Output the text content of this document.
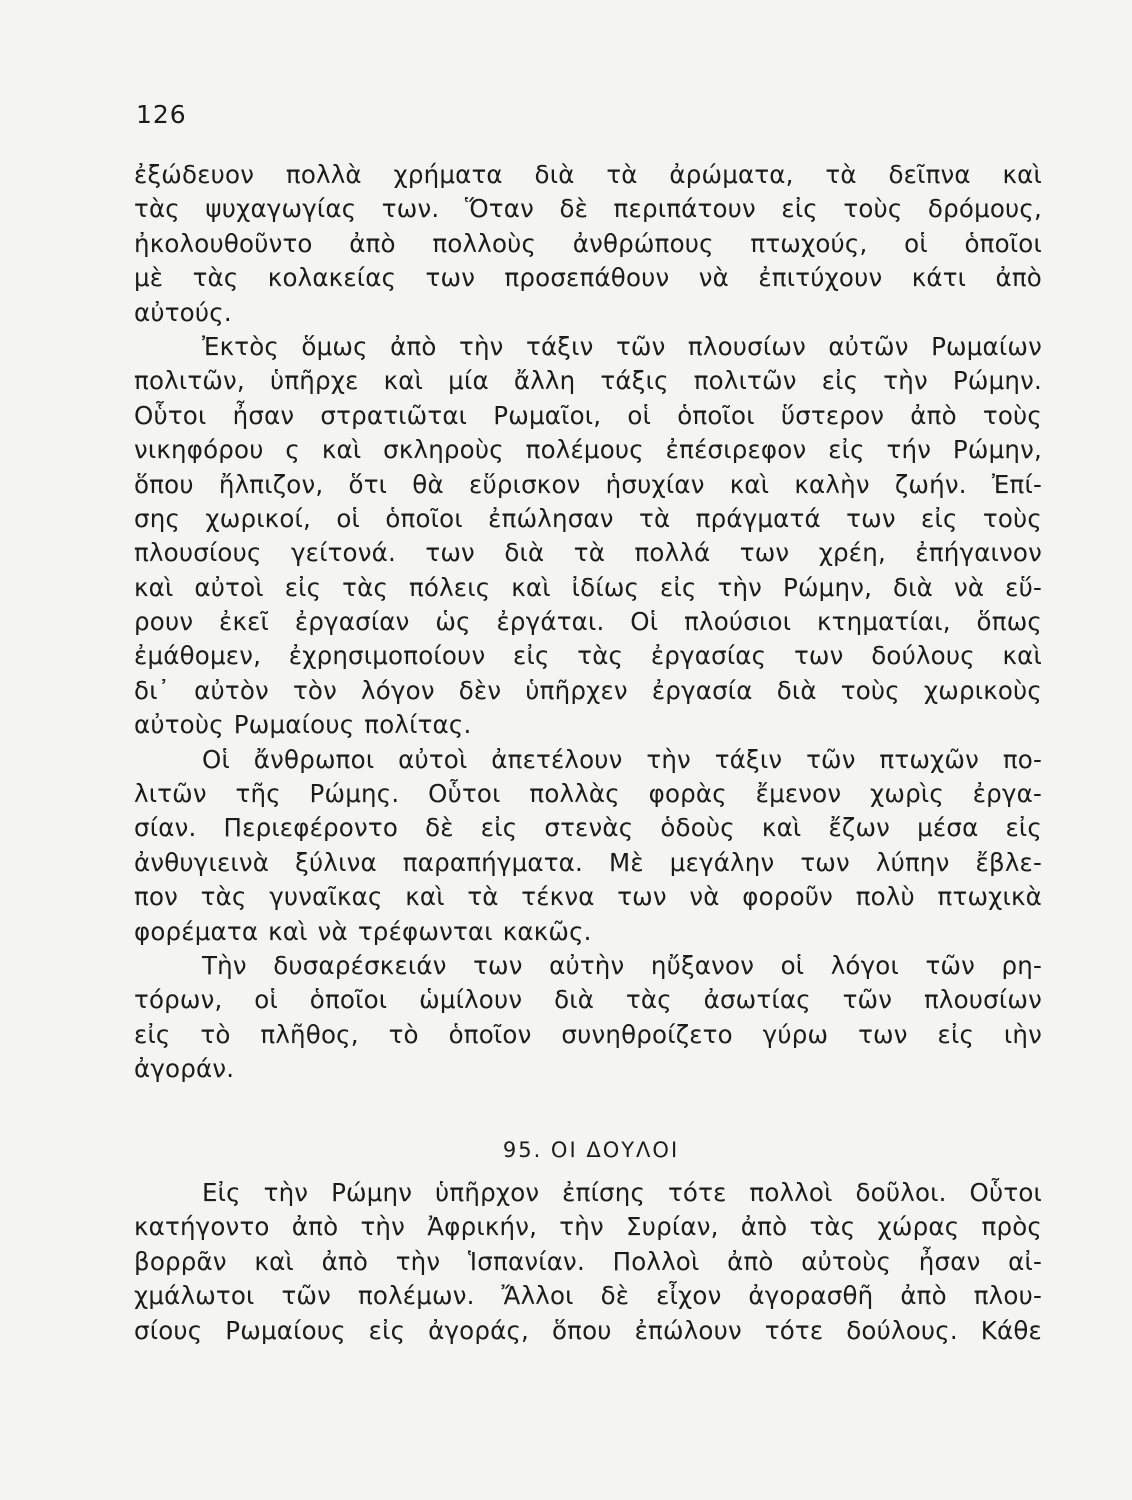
126
ἐξώδευον πολλὰ χρήματα διὰ τὰ ἀρώματα, τὰ δεῖπνα καὶ
τὰς ψυχαγωγίας των. Ὅταν δὲ περιπάτουν εἰς τοὺς δρόμους,
ἠκολουθοῦντο ἀπὸ πολλοὺς ἀνθρώπους πτωχούς, οἱ ὁποῖοι
μὲ τὰς κολακείας των προσεπάθουν νὰ ἐπιτύχουν κάτι ἀπὸ
αὐτούς.
Ἐκτὸς ὅμως ἀπὸ τὴν τάξιν τῶν πλουσίων αὐτῶν Ρωμαίων
πολιτῶν, ὑπῆρχε καὶ μία ἄλλη τάξις πολιτῶν εἰς τὴν Ρώμην.
Οὗτοι ἦσαν στρατιῶται Ρωμαῖοι, οἱ ὁποῖοι ὕστερον ἀπὸ τοὺς
νικηφόρου ς καὶ σκληροὺς πολέμους ἐπέσιρεφον εἰς τήν Ρώμην,
ὅπου ἤλπιζον, ὅτι θὰ εὕρισκον ἡσυχίαν καὶ καλὴν ζωήν. Ἐπί-
σης χωρικοί, οἱ ὁποῖοι ἐπώλησαν τὰ πράγματά των εἰς τοὺς
πλουσίους γείτονά. των διὰ τὰ πολλά των χρέη, ἐπήγαινον
καὶ αὐτοὶ εἰς τὰς πόλεις καὶ ἰδίως εἰς τὴν Ρώμην, διὰ νὰ εὕ-
ρουν ἐκεῖ ἐργασίαν ὡς ἐργάται. Οἱ πλούσιοι κτηματίαι, ὅπως
ἐμάθομεν, ἐχρησιμοποίουν εἰς τὰς ἐργασίας των δούλους καὶ
δι᾽ αὐτὸν τὸν λόγον δὲν ὑπῆρχεν ἐργασία διὰ τοὺς χωρικοὺς
αὐτοὺς Ρωμαίους πολίτας.
Οἱ ἄνθρωποι αὐτοὶ ἀπετέλουν τὴν τάξιν τῶν πτωχῶν πο-
λιτῶν τῆς Ρώμης. Οὗτοι πολλὰς φορὰς ἔμενον χωρὶς ἐργα-
σίαν. Περιεφέροντο δὲ εἰς στενὰς ὁδοὺς καὶ ἔζων μέσα εἰς
ἀνθυγιεινὰ ξύλινα παραπήγματα. Μὲ μεγάλην των λύπην ἔβλε-
πον τὰς γυναῖκας καὶ τὰ τέκνα των νὰ φοροῦν πολὺ πτωχικὰ
φορέματα καὶ νὰ τρέφωνται κακῶς.
Τὴν δυσαρέσκειάν των αὐτὴν ηὔξανον οἱ λόγοι τῶν ρη-
τόρων, οἱ ὁποῖοι ὡμίλουν διὰ τὰς ἀσωτίας τῶν πλουσίων
εἰς τὸ πλῆθος, τὸ ὁποῖον συνηθροίζετο γύρω των εἰς ιὴν
ἀγοράν.
95. ΟΙ ΔΟΥΛΟΙ
Εἰς τὴν Ρώμην ὑπῆρχον ἐπίσης τότε πολλοὶ δοῦλοι. Οὗτοι
κατήγοντο ἀπὸ τὴν Ἀφρικήν, τὴν Συρίαν, ἀπὸ τὰς χώρας πρὸς
βορρᾶν καὶ ἀπὸ τὴν Ἱσπανίαν. Πολλοὶ ἀπὸ αὐτοὺς ἦσαν αἰ-
χμάλωτοι τῶν πολέμων. Ἄλλοι δὲ εἶχον ἀγορασθῆ ἀπὸ πλου-
σίους Ρωμαίους εἰς ἀγοράς, ὅπου ἐπώλουν τότε δούλους. Κάθε
